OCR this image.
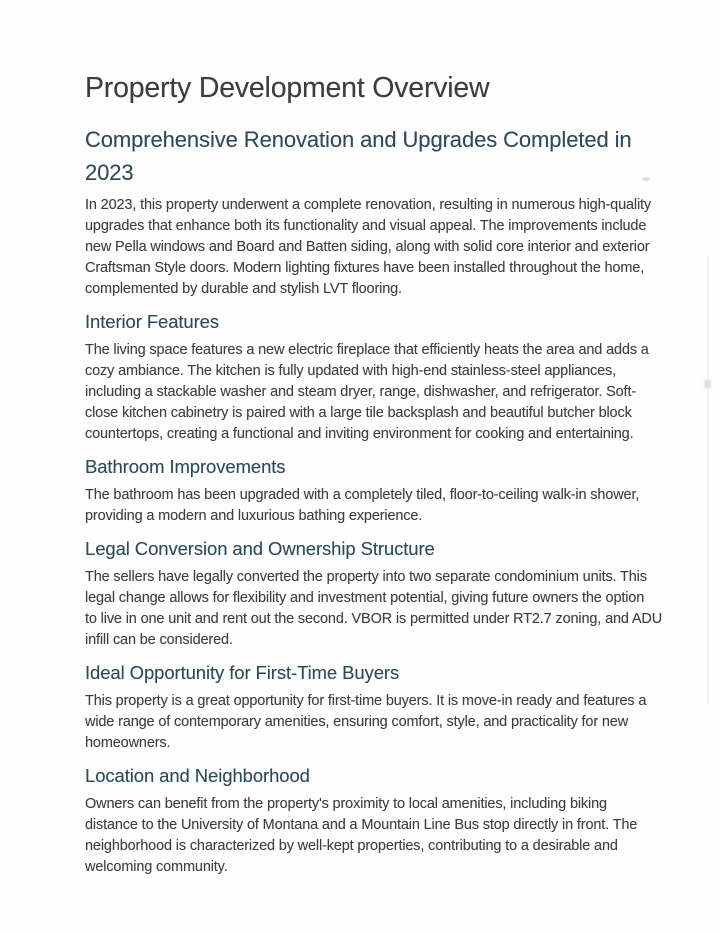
Property Development Overview
Comprehensive Renovation and Upgrades Completed in
2023
In 2023, this property underwent a complete renovation, resulting in numerous high-quality
upgrades that enhance both its functionality and visual appeal. The improvements include
new Pella windows and Board and Batten siding, along with solid core interior and exterior
Craftsman Style doors. Modern lighting fixtures have been installed throughout the home,
complemented by durable and stylish LVT flooring.
Interior Features
The living space features a new electric fireplace that efficiently heats the area and adds a
cozy ambiance. The kitchen is fully updated with high-end stainless-steel appliances,
including a stackable washer and steam dryer, range, dishwasher, and refrigerator. Soft-
close kitchen cabinetry is paired with a large tile backsplash and beautiful butcher block
countertops, creating a functional and inviting environment for cooking and entertaining.
Bathroom Improvements
The bathroom has been upgraded with a completely tiled, floor-to-ceiling walk-in shower,
providing a modern and luxurious bathing experience.
Legal Conversion and Ownership Structure
The sellers have legally converted the property into two separate condominium units. This
legal change allows for flexibility and investment potential, giving future owners the option
to live in one unit and rent out the second. VBOR is permitted under RT2.7 zoning, and ADU
infill can be considered.
Ideal Opportunity for First-Time Buyers
This property is a great opportunity for first-time buyers. It is move-in ready and features a
wide range of contemporary amenities, ensuring comfort, style, and practicality for new
homeowners.
Location and Neighborhood
Owners can benefit from the property's proximity to local amenities, including biking
distance to the University of Montana and a Mountain Line Bus stop directly in front. The
neighborhood is characterized by well-kept properties, contributing to a desirable and
welcoming community.
